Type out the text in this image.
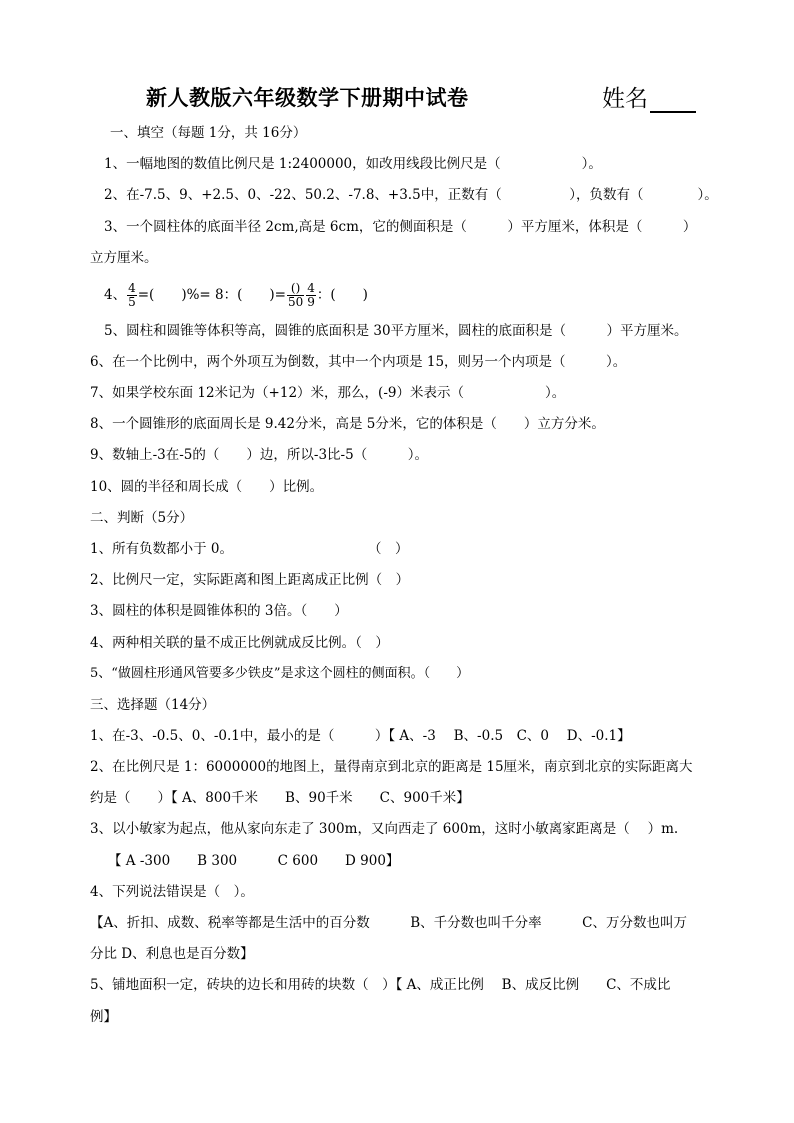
新人教版六年级数学下册期中试卷	姓名
一、填空（每题 1分，共 16分）
1、一幅地图的数值比例尺是 1:2400000，如改用线段比例尺是（　　　　　　）。
2、在-7.5、9、+2.5、0、-22、50.2、-7.8、+3.5中，正数有（　　　　　），负数有（　　　　）。
3、一个圆柱体的底面半径 2cm,高是 6cm，它的侧面积是（　　　）平方厘米，体积是（　　　）
立方厘米。
4、 $\frac{4}{5}$ =(　　)%= 8：(　　)= $\frac{()}{50} \frac{4}{9}$ ：(　　)
5、圆柱和圆锥等体积等高，圆锥的底面积是 30平方厘米，圆柱的底面积是（　　　）平方厘米。
6、在一个比例中，两个外项互为倒数，其中一个内项是 15，则另一个内项是（　　　）。
7、如果学校东面 12米记为（+12）米，那么，(-9）米表示（　　　　　　）。
8、一个圆锥形的底面周长是 9.42分米，高是 5分米，它的体积是（　　）立方分米。
9、数轴上-3在-5的（　　）边，所以-3比-5（　　　）。
10、圆的半径和周长成（　　）比例。
二、判断（5分）
1、所有负数都小于 0。　　　　　　　　　　　（　）
2、比例尺一定，实际距离和图上距离成正比例（　）
3、圆柱的体积是圆锥体积的 3倍。（　　）
4、两种相关联的量不成正比例就成反比例。（　）
5、“做圆柱形通风管要多少铁皮”是求这个圆柱的侧面积。（　　）
三、选择题（14分）
1、在-3、-0.5、0、-0.1中，最小的是（　　　）【 A、-3　 B、-0.5　C、0　 D、-0.1】
2、在比例尺是 1：6000000的地图上，量得南京到北京的距离是 15厘米，南京到北京的实际距离大
约是（　　）【 A、800千米　　B、90千米　　C、900千米】
3、以小敏家为起点，他从家向东走了 300m，又向西走了 600m，这时小敏离家距离是（　 ）m.
【 A -300　　B 300　　　C 600　　D 900】
4、下列说法错误是（　）。
【A、折扣、成数、税率等都是生活中的百分数　　　B、千分数也叫千分率　　　C、万分数也叫万
分比 D、利息也是百分数】
5、铺地面积一定，砖块的边长和用砖的块数（　）【 A、成正比例　 B、成反比例　　C、不成比
例】
